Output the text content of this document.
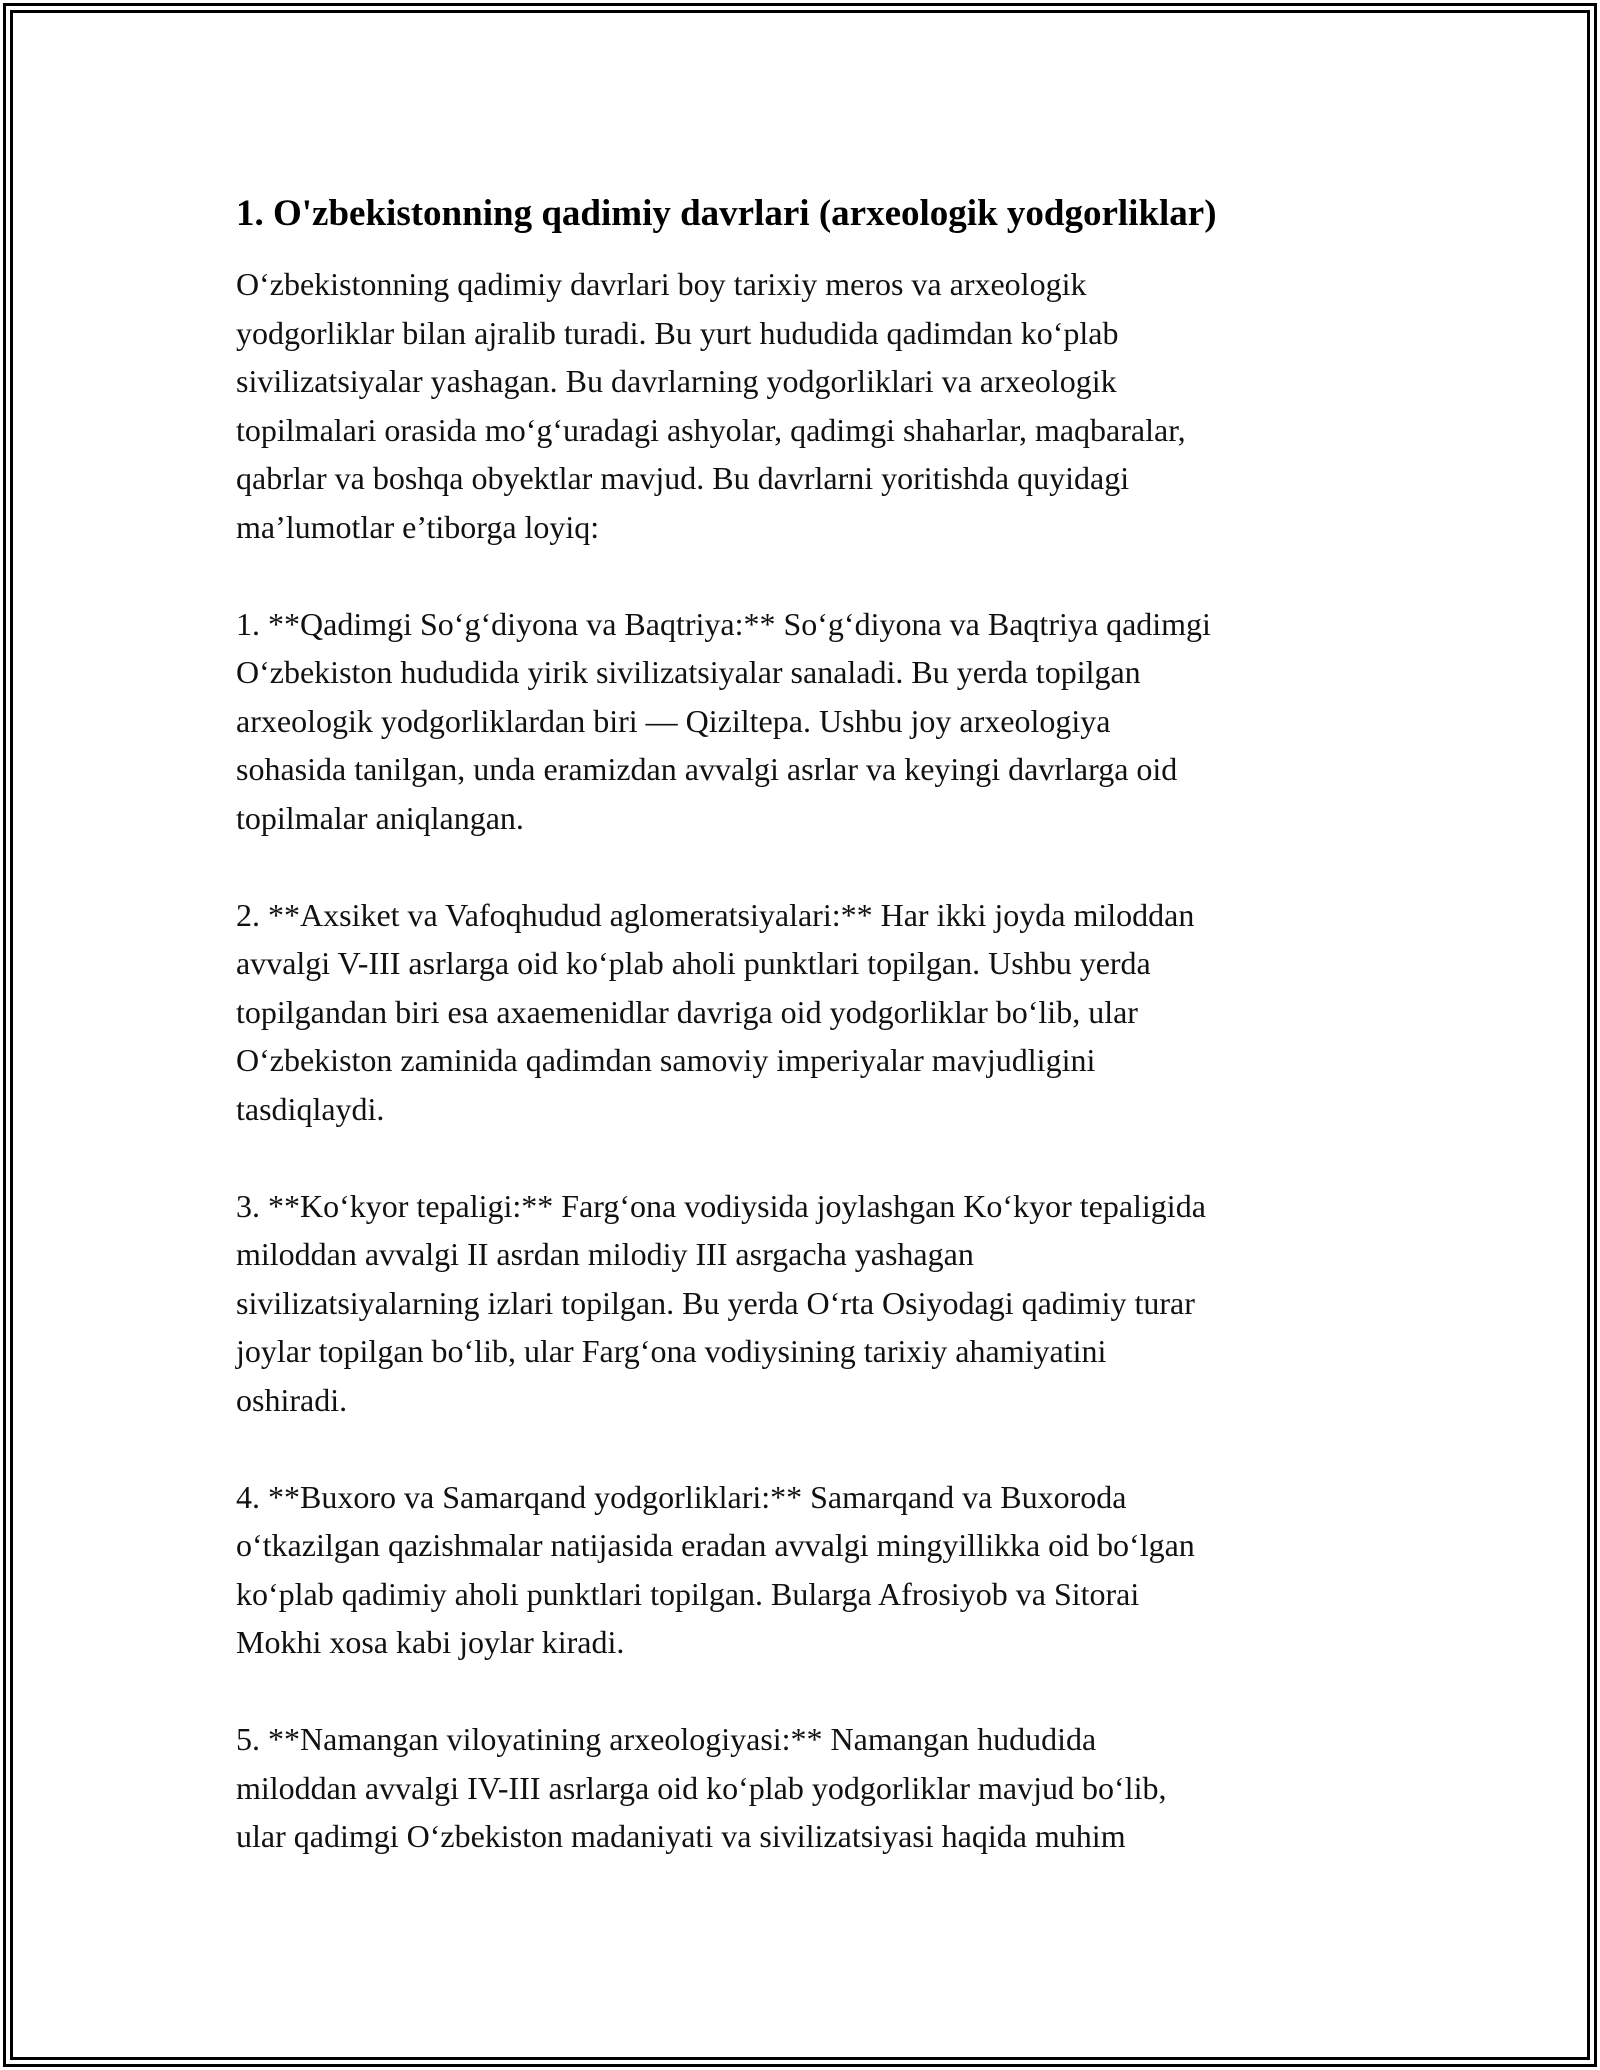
1. O'zbekistonning qadimiy davrlari (arxeologik yodgorliklar)
O‘zbekistonning qadimiy davrlari boy tarixiy meros va arxeologik
yodgorliklar bilan ajralib turadi. Bu yurt hududida qadimdan ko‘plab
sivilizatsiyalar yashagan. Bu davrlarning yodgorliklari va arxeologik
topilmalari orasida mo‘g‘uradagi ashyolar, qadimgi shaharlar, maqbaralar,
qabrlar va boshqa obyektlar mavjud. Bu davrlarni yoritishda quyidagi
ma’lumotlar e’tiborga loyiq:
1. **Qadimgi So‘g‘diyona va Baqtriya:** So‘g‘diyona va Baqtriya qadimgi
O‘zbekiston hududida yirik sivilizatsiyalar sanaladi. Bu yerda topilgan
arxeologik yodgorliklardan biri — Qiziltepa. Ushbu joy arxeologiya
sohasida tanilgan, unda eramizdan avvalgi asrlar va keyingi davrlarga oid
topilmalar aniqlangan.
2. **Axsiket va Vafoqhudud aglomeratsiyalari:** Har ikki joyda miloddan
avvalgi V-III asrlarga oid ko‘plab aholi punktlari topilgan. Ushbu yerda
topilgandan biri esa axaemenidlar davriga oid yodgorliklar bo‘lib, ular
O‘zbekiston zaminida qadimdan samoviy imperiyalar mavjudligini
tasdiqlaydi.
3. **Ko‘kyor tepaligi:** Farg‘ona vodiysida joylashgan Ko‘kyor tepaligida
miloddan avvalgi II asrdan milodiy III asrgacha yashagan
sivilizatsiyalarning izlari topilgan. Bu yerda O‘rta Osiyodagi qadimiy turar
joylar topilgan bo‘lib, ular Farg‘ona vodiysining tarixiy ahamiyatini
oshiradi.
4. **Buxoro va Samarqand yodgorliklari:** Samarqand va Buxoroda
o‘tkazilgan qazishmalar natijasida eradan avvalgi mingyillikka oid bo‘lgan
ko‘plab qadimiy aholi punktlari topilgan. Bularga Afrosiyob va Sitorai
Mokhi xosa kabi joylar kiradi.
5. **Namangan viloyatining arxeologiyasi:** Namangan hududida
miloddan avvalgi IV-III asrlarga oid ko‘plab yodgorliklar mavjud bo‘lib,
ular qadimgi O‘zbekiston madaniyati va sivilizatsiyasi haqida muhim
